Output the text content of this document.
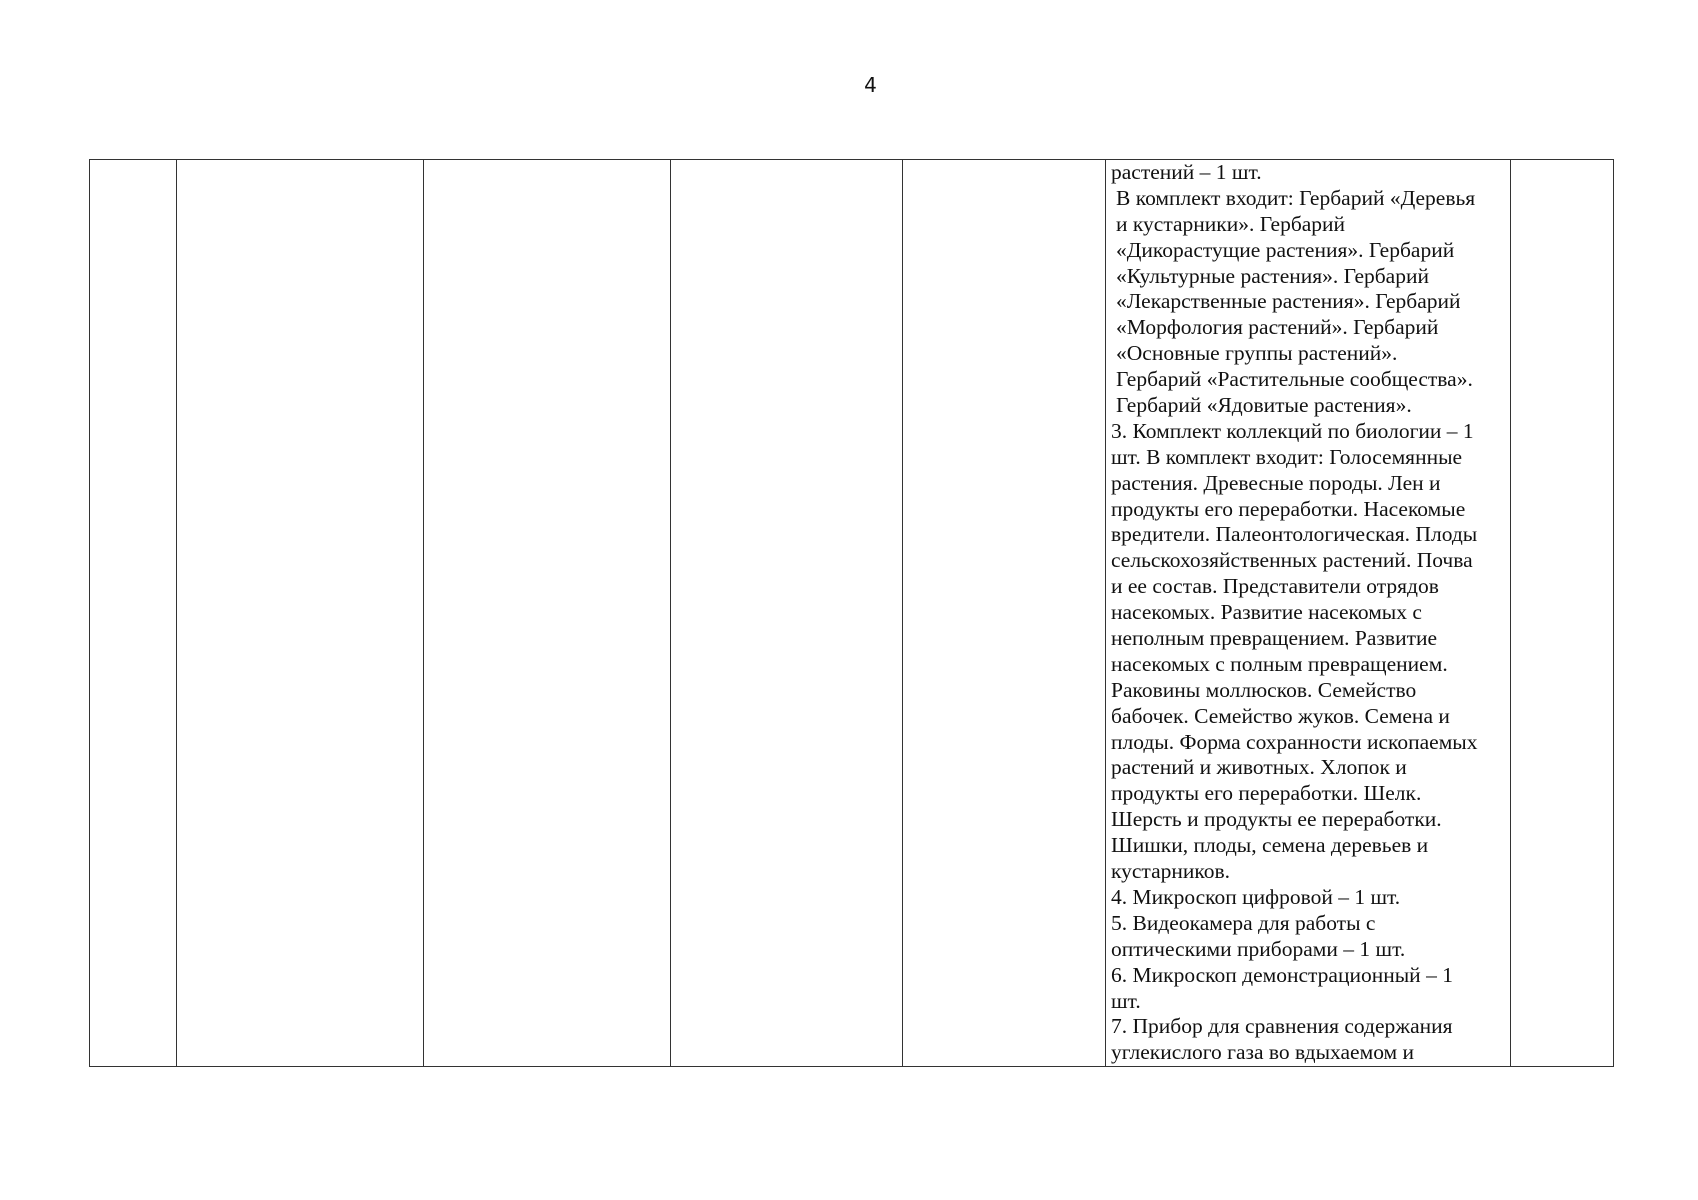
4

растений – 1 шт.
В комплект входит: Гербарий «Деревья
и кустарники». Гербарий
«Дикорастущие растения». Гербарий
«Культурные растения». Гербарий
«Лекарственные растения». Гербарий
«Морфология растений». Гербарий
«Основные группы растений».
Гербарий «Растительные сообщества».
Гербарий «Ядовитые растения».
3. Комплект коллекций по биологии – 1
шт. В комплект входит: Голосемянные
растения. Древесные породы. Лен и
продукты его переработки. Насекомые
вредители. Палеонтологическая. Плоды
сельскохозяйственных растений. Почва
и ее состав. Представители отрядов
насекомых. Развитие насекомых с
неполным превращением. Развитие
насекомых с полным превращением.
Раковины моллюсков. Семейство
бабочек. Семейство жуков. Семена и
плоды. Форма сохранности ископаемых
растений и животных. Хлопок и
продукты его переработки. Шелк.
Шерсть и продукты ее переработки.
Шишки, плоды, семена деревьев и
кустарников.
4. Микроскоп цифровой – 1 шт.
5. Видеокамера для работы с
оптическими приборами – 1 шт.
6. Микроскоп демонстрационный – 1
шт.
7. Прибор для сравнения содержания
углекислого газа во вдыхаемом и
